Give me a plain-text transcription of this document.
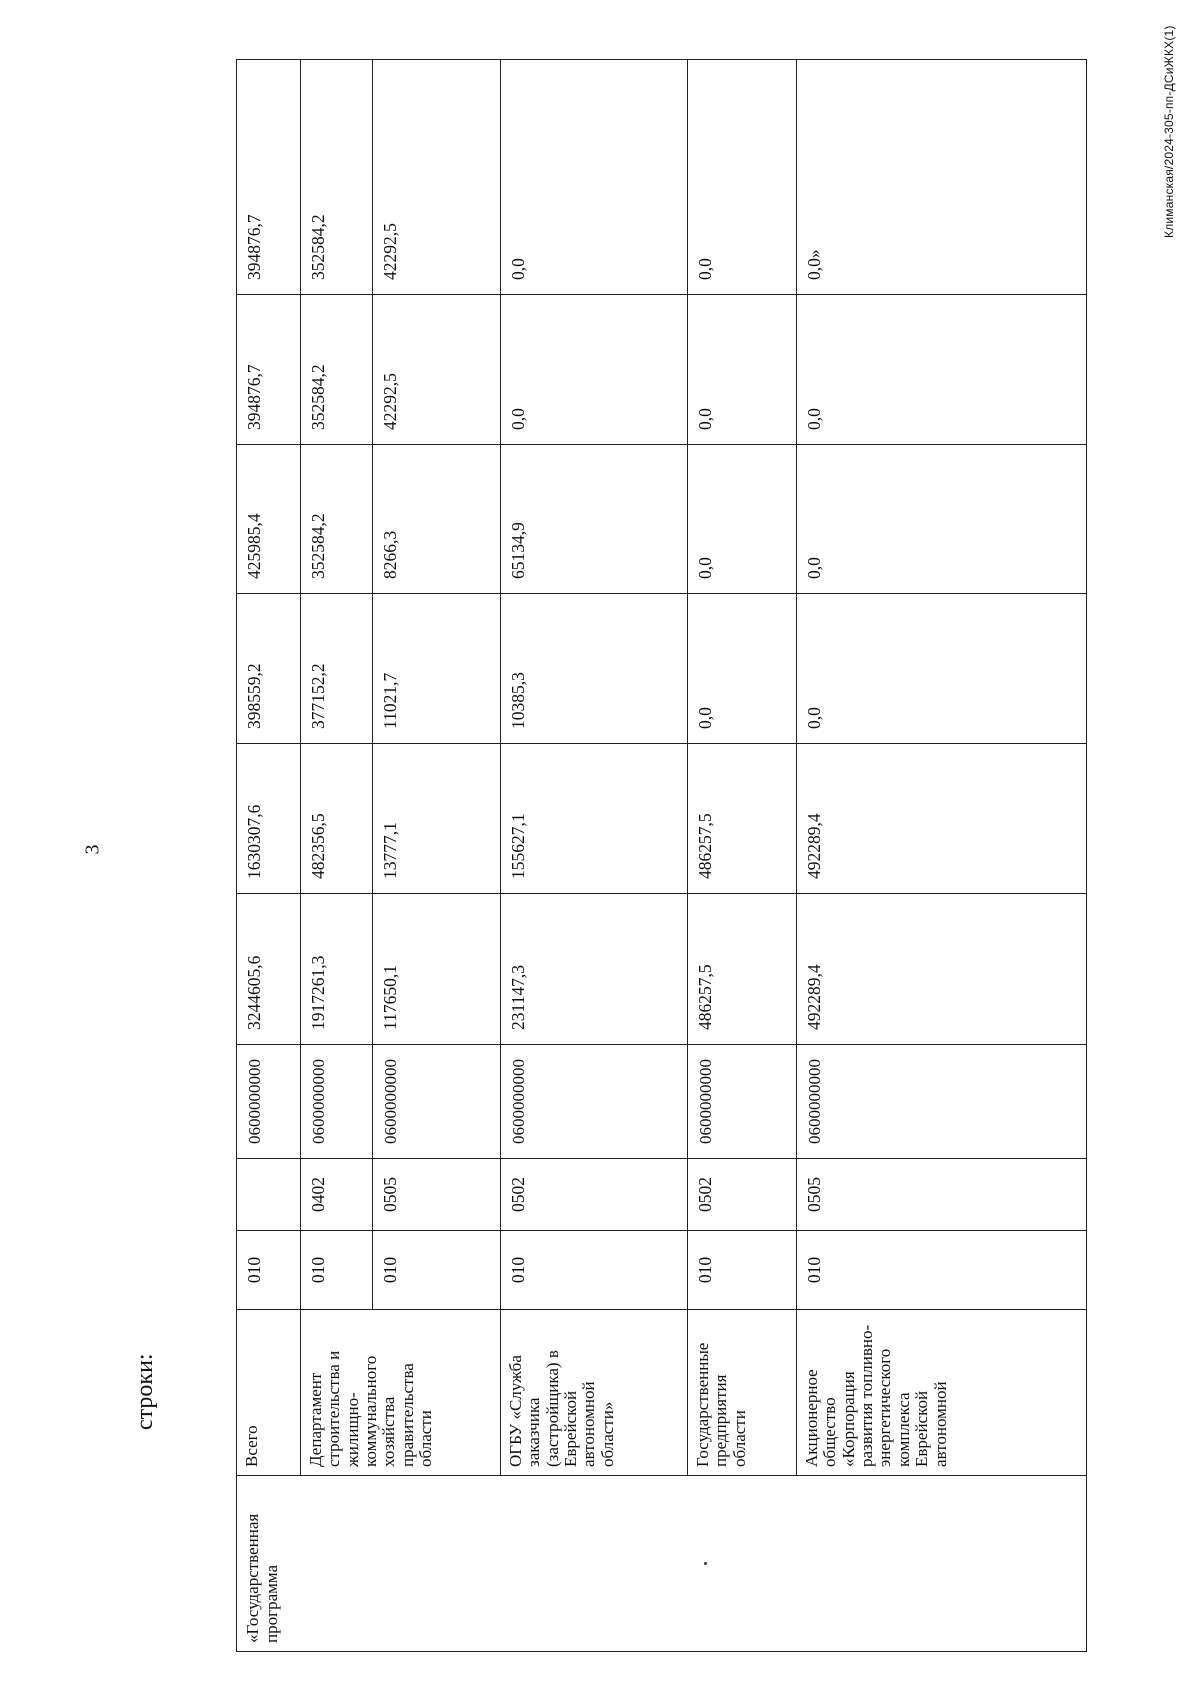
3
строки:
Климанская/2024-305-пп-ДСиЖКХ(1)
«Государственная программа	Всего	010		0600000000	3244605,6	1630307,6	398559,2	425985,4	394876,7	394876,7
	Департамент строительства и жилищно-коммунального хозяйства правительства области	010	0402	0600000000	1917261,3	482356,5	377152,2	352584,2	352584,2	352584,2
		010	0505	0600000000	117650,1	13777,1	11021,7	8266,3	42292,5	42292,5
	ОГБУ «Служба заказчика (застройщика) в Еврейской автономной области»	010	0502	0600000000	231147,3	155627,1	10385,3	65134,9	0,0	0,0
	Государственные предприятия области	010	0502	0600000000	486257,5	486257,5	0,0	0,0	0,0	0,0
	Акционерное общество «Корпорация развития топливно-энергетического комплекса Еврейской автономной	010	0505	0600000000	492289,4	492289,4	0,0	0,0	0,0	0,0»
